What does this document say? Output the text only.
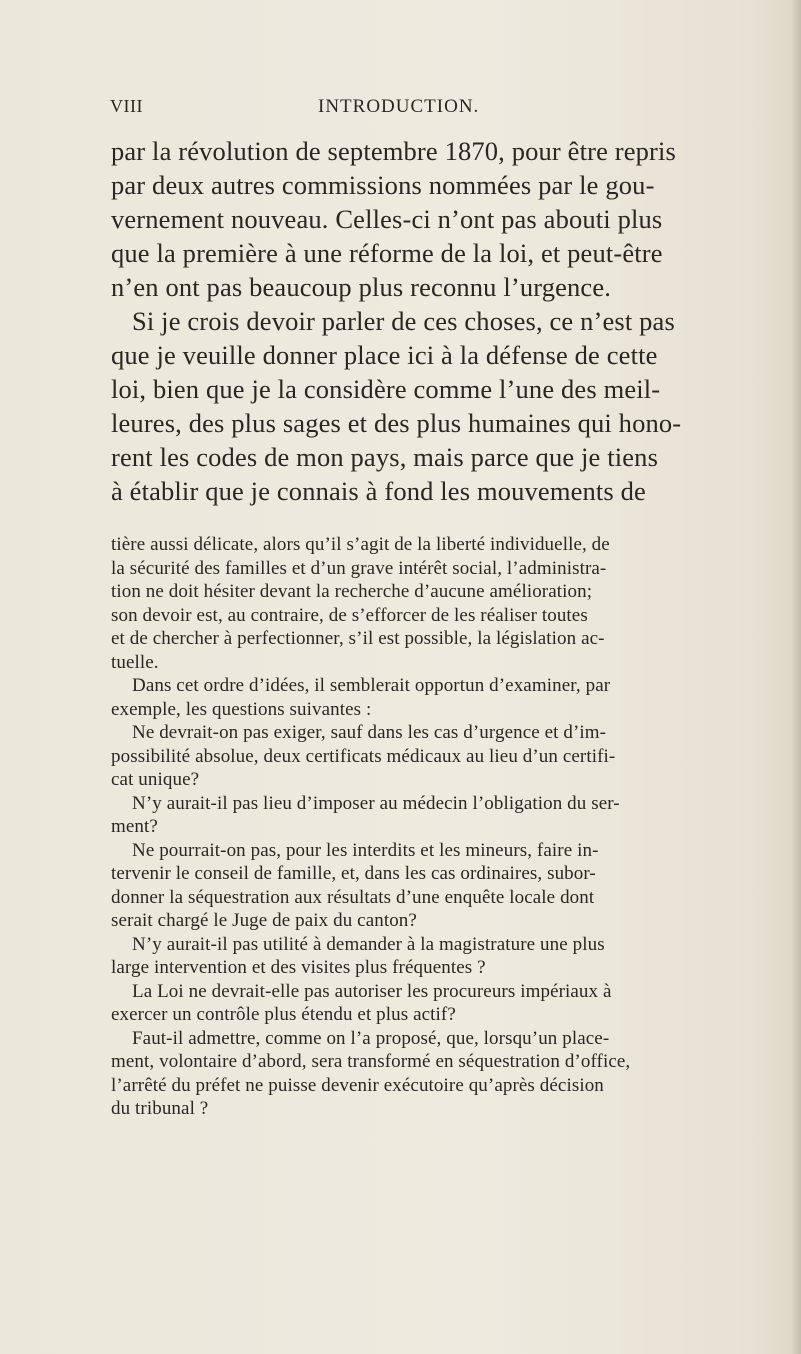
VIII	INTRODUCTION.
par la révolution de septembre 1870, pour être repris
par deux autres commissions nommées par le gou-
vernement nouveau. Celles-ci n’ont pas abouti plus
que la première à une réforme de la loi, et peut-être
n’en ont pas beaucoup plus reconnu l’urgence.
Si je crois devoir parler de ces choses, ce n’est pas
que je veuille donner place ici à la défense de cette
loi, bien que je la considère comme l’une des meil-
leures, des plus sages et des plus humaines qui hono-
rent les codes de mon pays, mais parce que je tiens
à établir que je connais à fond les mouvements de
tière aussi délicate, alors qu’il s’agit de la liberté individuelle, de
la sécurité des familles et d’un grave intérêt social, l’administra-
tion ne doit hésiter devant la recherche d’aucune amélioration;
son devoir est, au contraire, de s’efforcer de les réaliser toutes
et de chercher à perfectionner, s’il est possible, la législation ac-
tuelle.
Dans cet ordre d’idées, il semblerait opportun d’examiner, par
exemple, les questions suivantes :
Ne devrait-on pas exiger, sauf dans les cas d’urgence et d’im-
possibilité absolue, deux certificats médicaux au lieu d’un certifi-
cat unique?
N’y aurait-il pas lieu d’imposer au médecin l’obligation du ser-
ment?
Ne pourrait-on pas, pour les interdits et les mineurs, faire in-
tervenir le conseil de famille, et, dans les cas ordinaires, subor-
donner la séquestration aux résultats d’une enquête locale dont
serait chargé le Juge de paix du canton?
N’y aurait-il pas utilité à demander à la magistrature une plus
large intervention et des visites plus fréquentes ?
La Loi ne devrait-elle pas autoriser les procureurs impériaux à
exercer un contrôle plus étendu et plus actif?
Faut-il admettre, comme on l’a proposé, que, lorsqu’un place-
ment, volontaire d’abord, sera transformé en séquestration d’office,
l’arrêté du préfet ne puisse devenir exécutoire qu’après décision
du tribunal ?
